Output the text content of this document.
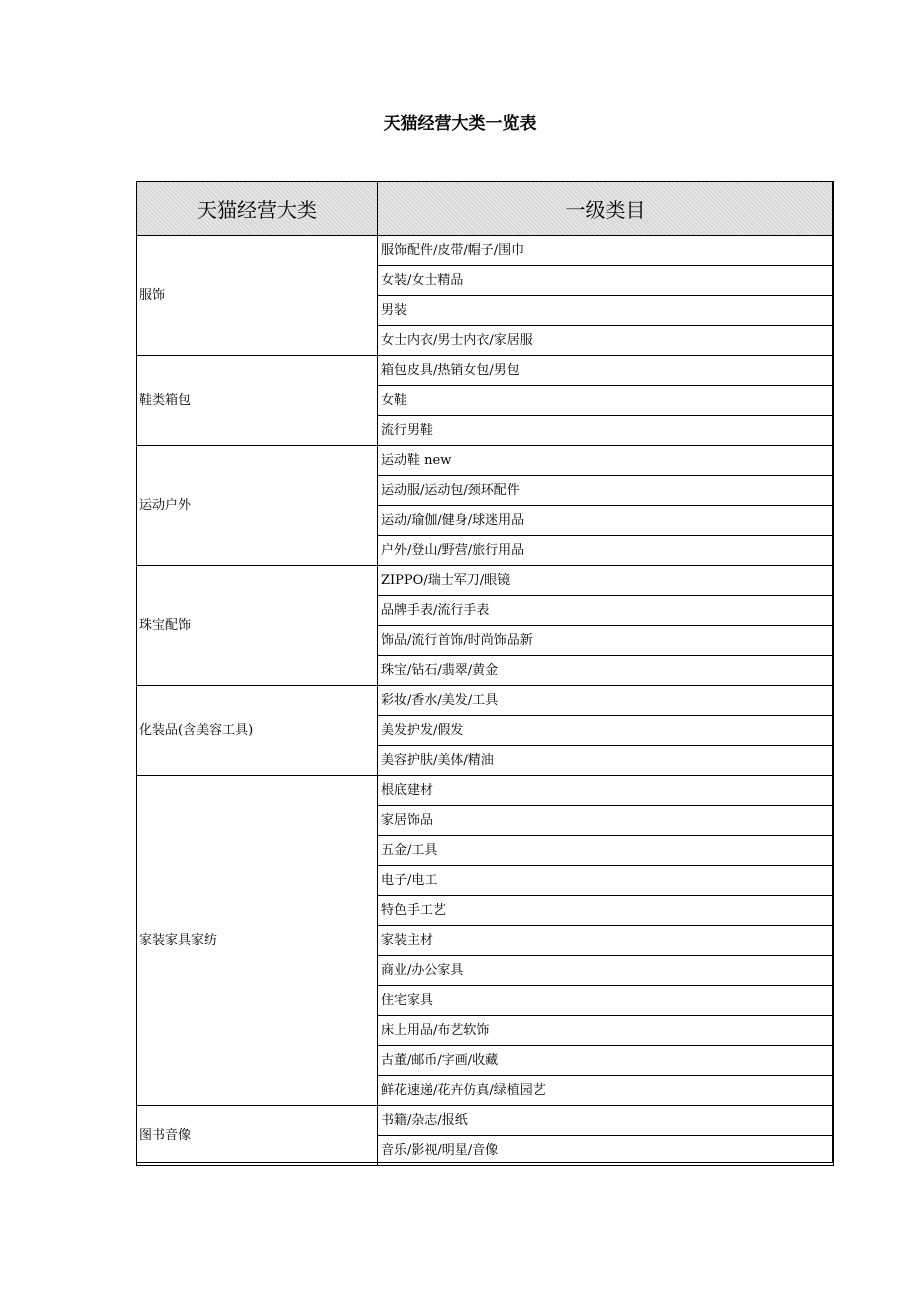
天猫经营大类一览表
天猫经营大类	一级类目
服饰	服饰配件/皮带/帽子/围巾
	女装/女士精品
	男装
	女士内衣/男士内衣/家居服
鞋类箱包	箱包皮具/热销女包/男包
	女鞋
	流行男鞋
运动户外	运动鞋 new
	运动服/运动包/颈环配件
	运动/瑜伽/健身/球迷用品
	户外/登山/野营/旅行用品
珠宝配饰	ZIPPO/瑞士军刀/眼镜
	品牌手表/流行手表
	饰品/流行首饰/时尚饰品新
	珠宝/钻石/翡翠/黄金
化装品(含美容工具)	彩妆/香水/美发/工具
	美发护发/假发
	美容护肤/美体/精油
家装家具家纺	根底建材
	家居饰品
	五金/工具
	电子/电工
	特色手工艺
	家装主材
	商业/办公家具
	住宅家具
	床上用品/布艺软饰
	古董/邮币/字画/收藏
	鲜花速递/花卉仿真/绿植园艺
图书音像	书籍/杂志/报纸
	音乐/影视/明星/音像
